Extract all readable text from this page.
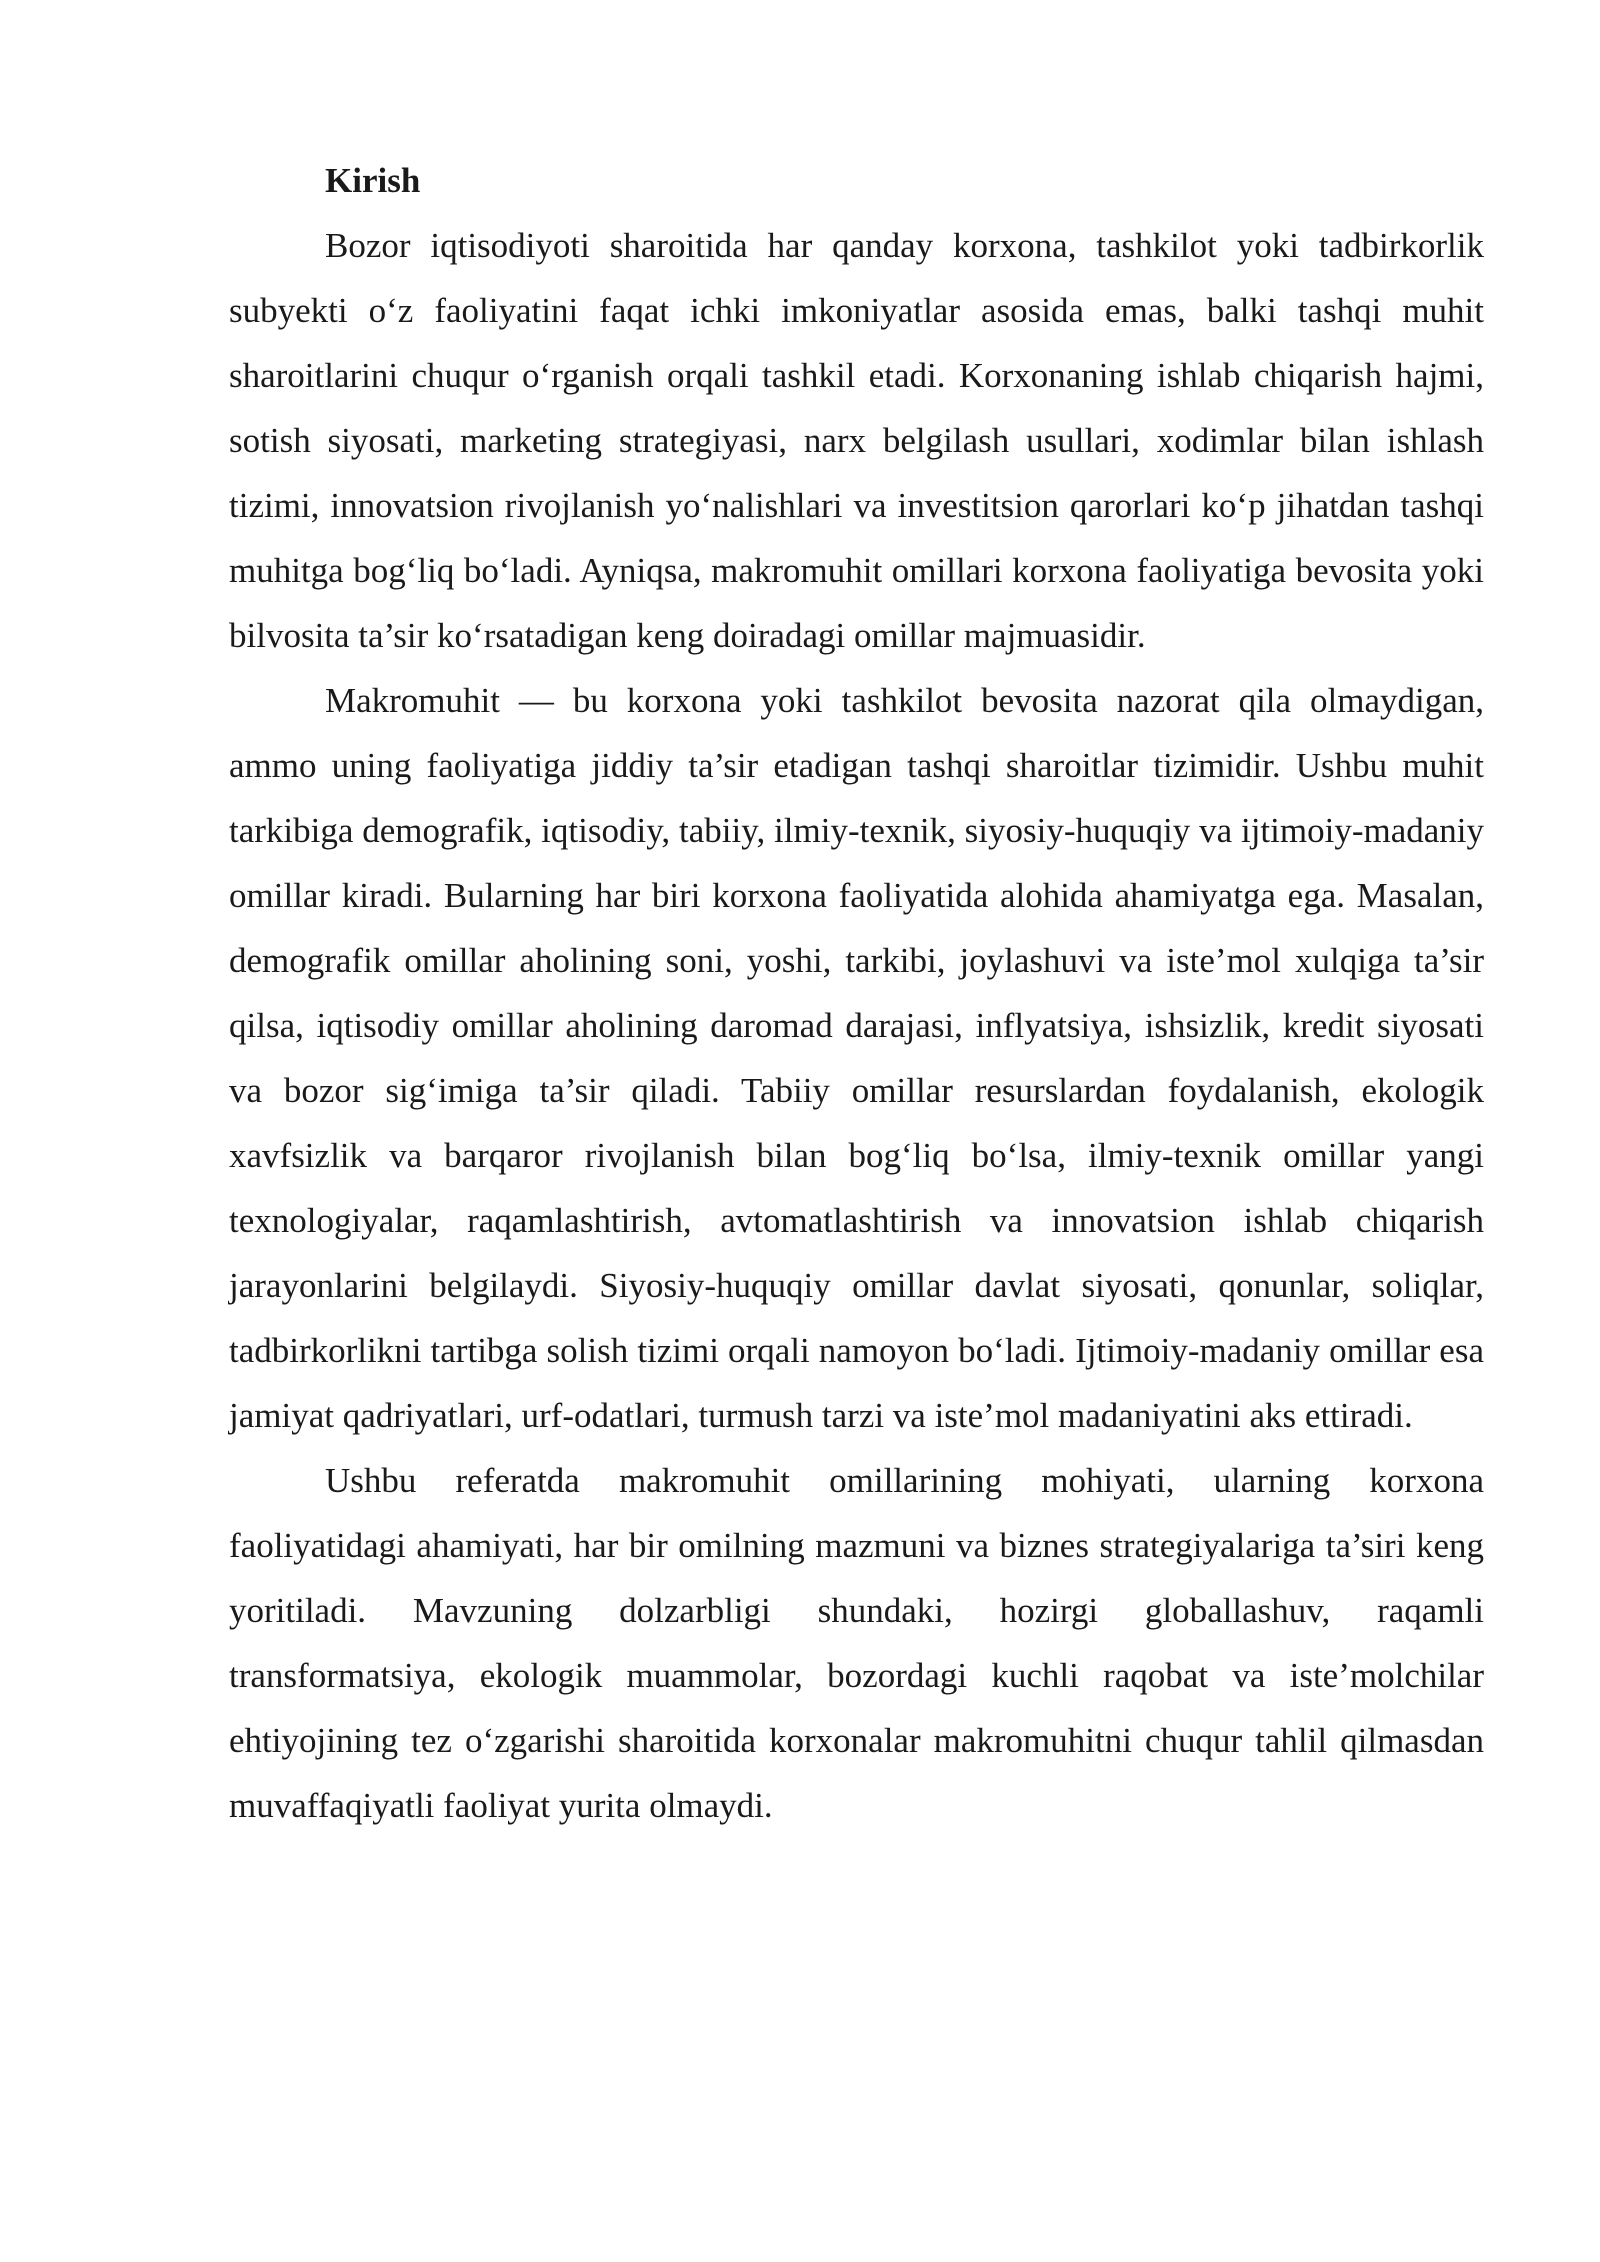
Kirish

Bozor iqtisodiyoti sharoitida har qanday korxona, tashkilot yoki tadbirkorlik subyekti o‘z faoliyatini faqat ichki imkoniyatlar asosida emas, balki tashqi muhit sharoitlarini chuqur o‘rganish orqali tashkil etadi. Korxonaning ishlab chiqarish hajmi, sotish siyosati, marketing strategiyasi, narx belgilash usullari, xodimlar bilan ishlash tizimi, innovatsion rivojlanish yo‘nalishlari va investitsion qarorlari ko‘p jihatdan tashqi muhitga bog‘liq bo‘ladi. Ayniqsa, makromuhit omillari korxona faoliyatiga bevosita yoki bilvosita ta’sir ko‘rsatadigan keng doiradagi omillar majmuasidir.

Makromuhit — bu korxona yoki tashkilot bevosita nazorat qila olmaydigan, ammo uning faoliyatiga jiddiy ta’sir etadigan tashqi sharoitlar tizimidir. Ushbu muhit tarkibiga demografik, iqtisodiy, tabiiy, ilmiy-texnik, siyosiy-huquqiy va ijtimoiy-madaniy omillar kiradi. Bularning har biri korxona faoliyatida alohida ahamiyatga ega. Masalan, demografik omillar aholining soni, yoshi, tarkibi, joylashuvi va iste’mol xulqiga ta’sir qilsa, iqtisodiy omillar aholining daromad darajasi, inflyatsiya, ishsizlik, kredit siyosati va bozor sig‘imiga ta’sir qiladi. Tabiiy omillar resurslardan foydalanish, ekologik xavfsizlik va barqaror rivojlanish bilan bog‘liq bo‘lsa, ilmiy-texnik omillar yangi texnologiyalar, raqamlashtirish, avtomatlashtirish va innovatsion ishlab chiqarish jarayonlarini belgilaydi. Siyosiy-huquqiy omillar davlat siyosati, qonunlar, soliqlar, tadbirkorlikni tartibga solish tizimi orqali namoyon bo‘ladi. Ijtimoiy-madaniy omillar esa jamiyat qadriyatlari, urf-odatlari, turmush tarzi va iste’mol madaniyatini aks ettiradi.

Ushbu referatda makromuhit omillarining mohiyati, ularning korxona faoliyatidagi ahamiyati, har bir omilning mazmuni va biznes strategiyalariga ta’siri keng yoritiladi. Mavzuning dolzarbligi shundaki, hozirgi globallashuv, raqamli transformatsiya, ekologik muammolar, bozordagi kuchli raqobat va iste’molchilar ehtiyojining tez o‘zgarishi sharoitida korxonalar makromuhitni chuqur tahlil qilmasdan muvaffaqiyatli faoliyat yurita olmaydi.
